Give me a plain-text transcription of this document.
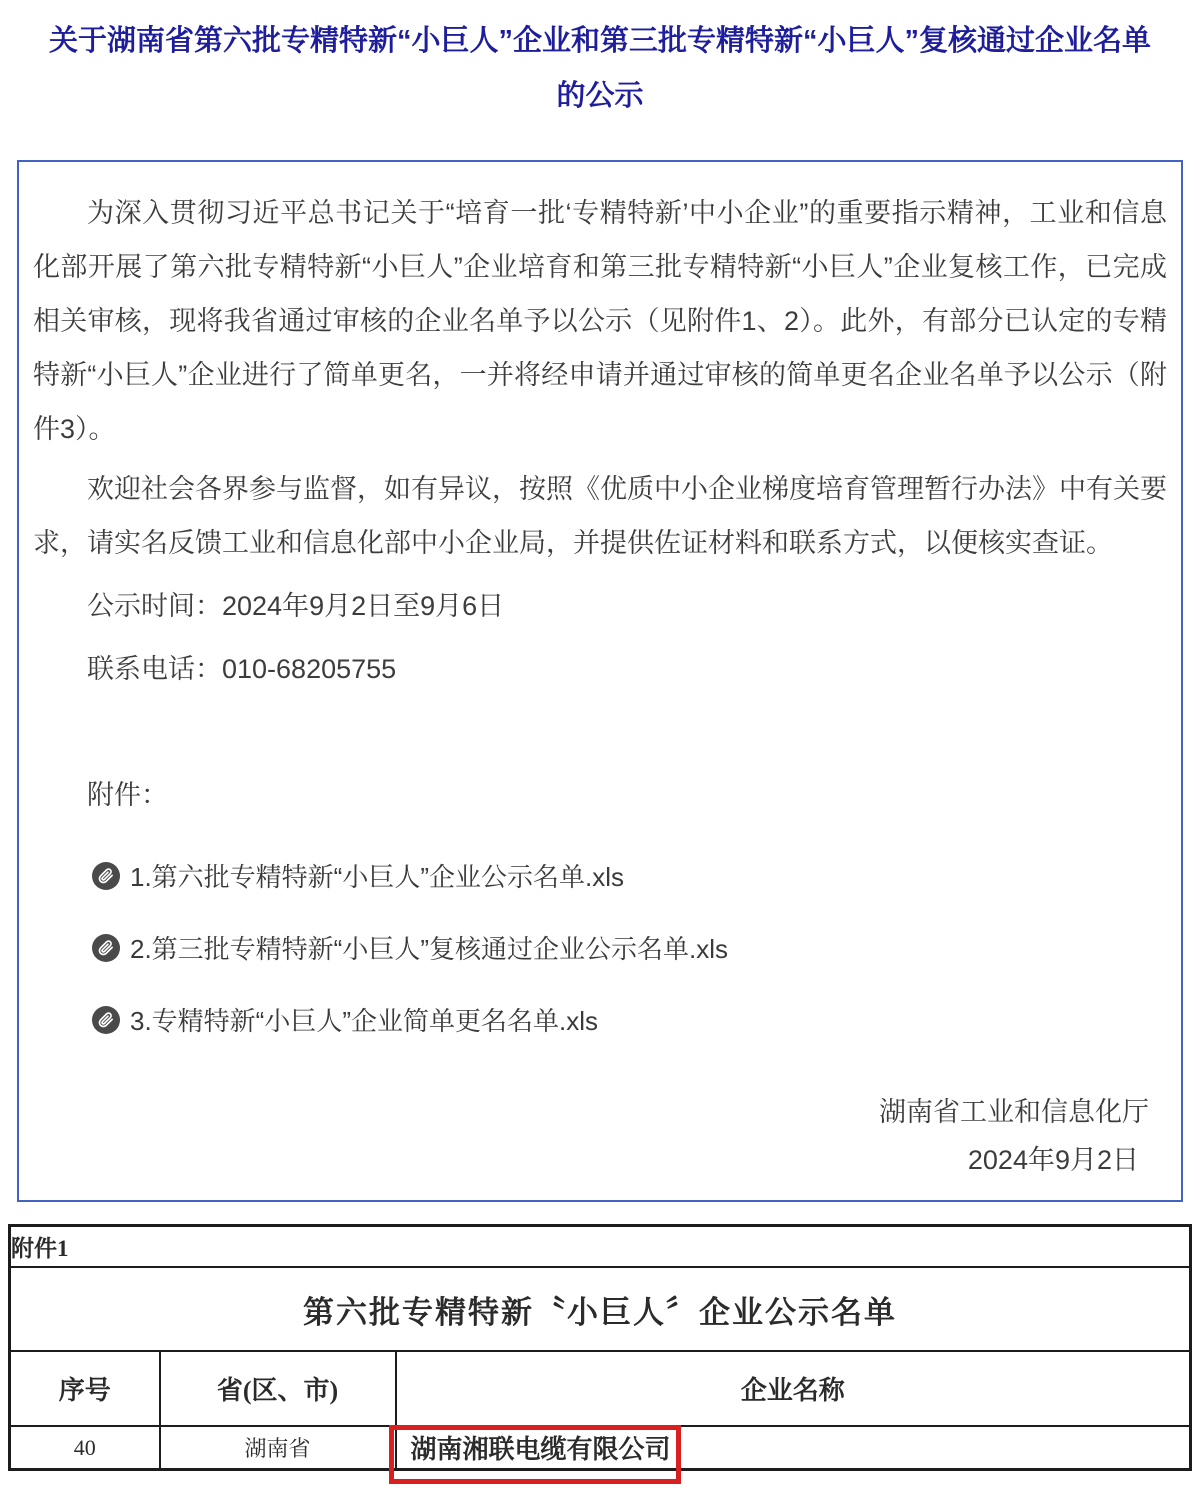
关于湖南省第六批专精特新“小巨人”企业和第三批专精特新“小巨人”复核通过企业名单
的公示

为深入贯彻习近平总书记关于“培育一批‘专精特新’中小企业”的重要指示精神，工业和信息化部开展了第六批专精特新“小巨人”企业培育和第三批专精特新“小巨人”企业复核工作，已完成相关审核，现将我省通过审核的企业名单予以公示（见附件1、2）。此外，有部分已认定的专精特新“小巨人”企业进行了简单更名，一并将经申请并通过审核的简单更名企业名单予以公示（附件3）。

欢迎社会各界参与监督，如有异议，按照《优质中小企业梯度培育管理暂行办法》中有关要求，请实名反馈工业和信息化部中小企业局，并提供佐证材料和联系方式，以便核实查证。

公示时间：2024年9月2日至9月6日

联系电话：010-68205755

附件：

1.第六批专精特新“小巨人”企业公示名单.xls
2.第三批专精特新“小巨人”复核通过企业公示名单.xls
3.专精特新“小巨人”企业简单更名名单.xls

湖南省工业和信息化厅

2024年9月2日

附件1		
第六批专精特新〝小巨人〞企业公示名单		
序号	省(区、市)	企业名称
40	湖南省	湖南湘联电缆有限公司
